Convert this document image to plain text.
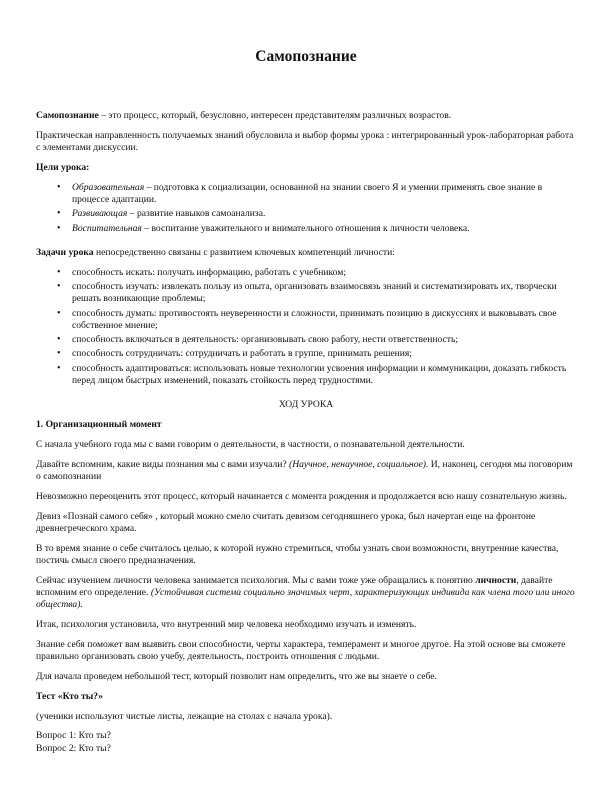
Самопознание

Самопознание – это процесс, который, безусловно, интересен представителям различных возрастов.

Практическая направленность получаемых знаний обусловила и выбор формы урока : интегрированный урок-лабораторная работа с элементами дискуссии.

Цели урока:

• Образовательная – подготовка к социализации, основанной на знании своего Я и умении применять свое знание в процессе адаптации.
• Развивающая – развитие навыков самоанализа.
• Воспитательная – воспитание уважительного и внимательного отношения к личности человека.

Задачи урока непосредственно связаны с развитием ключевых компетенций личности:

• способность искать: получать информацию, работать с учебником;
• способность изучать: извлекать пользу из опыта, организовать взаимосвязь знаний и систематизировать их, творчески решать возникающие проблемы;
• способность думать: противостоять неуверенности и сложности, принимать позицию в дискуссиях и выковывать свое собственное мнение;
• способность включаться в деятельность: организовывать свою работу, нести ответственность;
• способность сотрудничать: сотрудничать и работать в группе, принимать решения;
• способность адаптироваться: использовать новые технологии усвоения информации и коммуникации, доказать гибкость перед лицом быстрых изменений, показать стойкость перед трудностями.

ХОД УРОКА

1. Организационный момент

С начала учебного года мы с вами говорим о деятельности, в частности, о познавательной деятельности.

Давайте вспомним, какие виды познания мы с вами изучали? (Научное, ненаучное, социальное). И, наконец, сегодня мы поговорим о самопознании

Невозможно переоценить этот процесс, который начинается с момента рождения и продолжается всю нашу сознательную жизнь.

Девиз «Познай самого себя» , который можно смело считать девизом сегодняшнего урока, был начертан еще на фронтоне древнегреческого храма.

В то время знание о себе считалось целью, к которой нужно стремиться, чтобы узнать свои возможности, внутренние качества, постичь смысл своего предназначения.

Сейчас изучением личности человека занимается психология. Мы с вами тоже уже обращались к понятию личности, давайте вспомним его определение. (Устойчивая система социально значимых черт, характеризующих индивида как члена того или иного общества).

Итак, психология установила, что внутренний мир человека необходимо изучать и изменять.

Знание себя поможет вам выявить свои способности, черты характера, темперамент и многое другое. На этой основе вы сможете правильно организовать свою учебу, деятельность, построить отношения с людьми.

Для начала проведем небольшой тест, который позволит нам определить, что же вы знаете о себе.

Тест «Кто ты?»

(ученики используют чистые листы, лежащие на столах с начала урока).

Вопрос 1: Кто ты?
Вопрос 2: Кто ты?
